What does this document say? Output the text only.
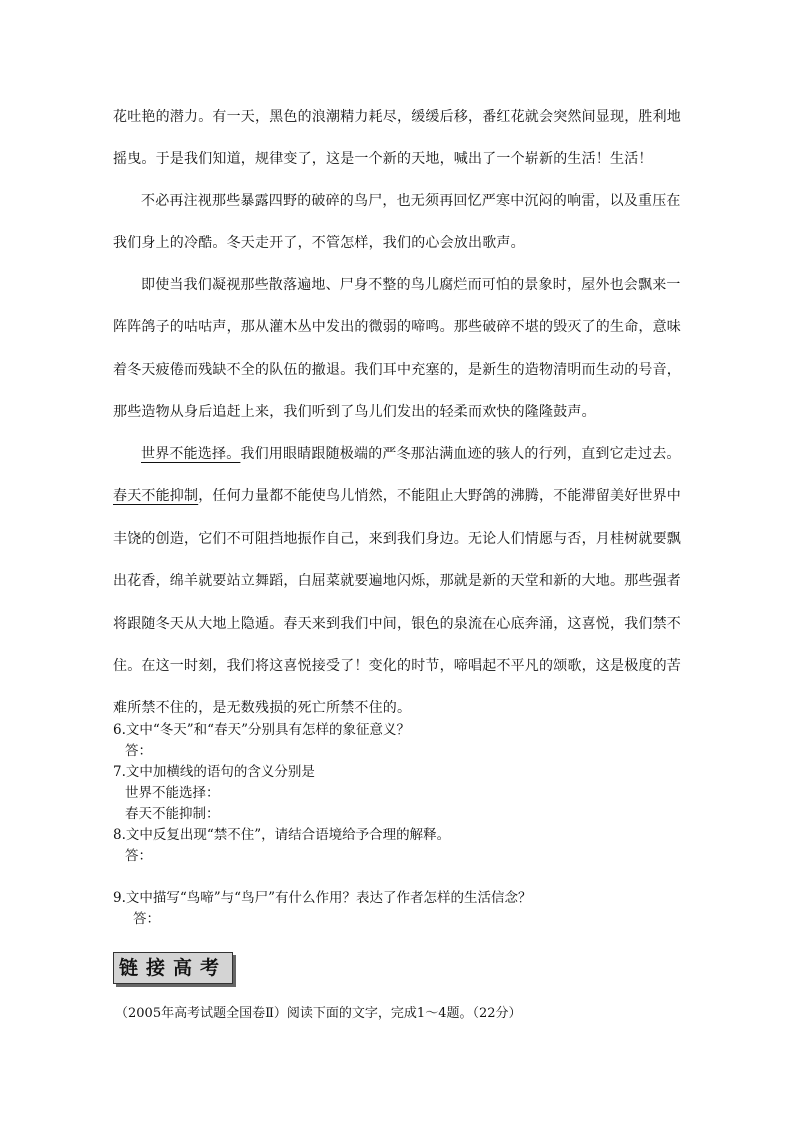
花吐艳的潜力。有一天，黑色的浪潮精力耗尽，缓缓后移，番红花就会突然间显现，胜利地
摇曳。于是我们知道，规律变了，这是一个新的天地，喊出了一个崭新的生活！生活！

不必再注视那些暴露四野的破碎的鸟尸，也无须再回忆严寒中沉闷的响雷，以及重压在
我们身上的冷酷。冬天走开了，不管怎样，我们的心会放出歌声。

即使当我们凝视那些散落遍地、尸身不整的鸟儿腐烂而可怕的景象时，屋外也会飘来一
阵阵鸽子的咕咕声，那从灌木丛中发出的微弱的啼鸣。那些破碎不堪的毁灭了的生命，意味
着冬天疲倦而残缺不全的队伍的撤退。我们耳中充塞的，是新生的造物清明而生动的号音，
那些造物从身后追赶上来，我们听到了鸟儿们发出的轻柔而欢快的隆隆鼓声。

世界不能选择。我们用眼睛跟随极端的严冬那沾满血迹的骇人的行列，直到它走过去。
春天不能抑制，任何力量都不能使鸟儿悄然，不能阻止大野鸽的沸腾，不能滞留美好世界中
丰饶的创造，它们不可阻挡地振作自己，来到我们身边。无论人们情愿与否，月桂树就要飘
出花香，绵羊就要站立舞蹈，白屈菜就要遍地闪烁，那就是新的天堂和新的大地。那些强者
将跟随冬天从大地上隐遁。春天来到我们中间，银色的泉流在心底奔涌，这喜悦，我们禁不
住。在这一时刻，我们将这喜悦接受了！变化的时节，啼唱起不平凡的颂歌，这是极度的苦
难所禁不住的，是无数残损的死亡所禁不住的。

6.文中“冬天”和“春天”分别具有怎样的象征意义？

答：

7.文中加横线的语句的含义分别是

世界不能选择：

春天不能抑制：

8.文中反复出现“禁不住”，请结合语境给予合理的解释。

答：

9.文中描写“鸟啼”与“鸟尸”有什么作用？表达了作者怎样的生活信念？

答：

链接高考

（2005年高考试题全国卷Ⅱ）阅读下面的文字，完成1～4题。（22分）
